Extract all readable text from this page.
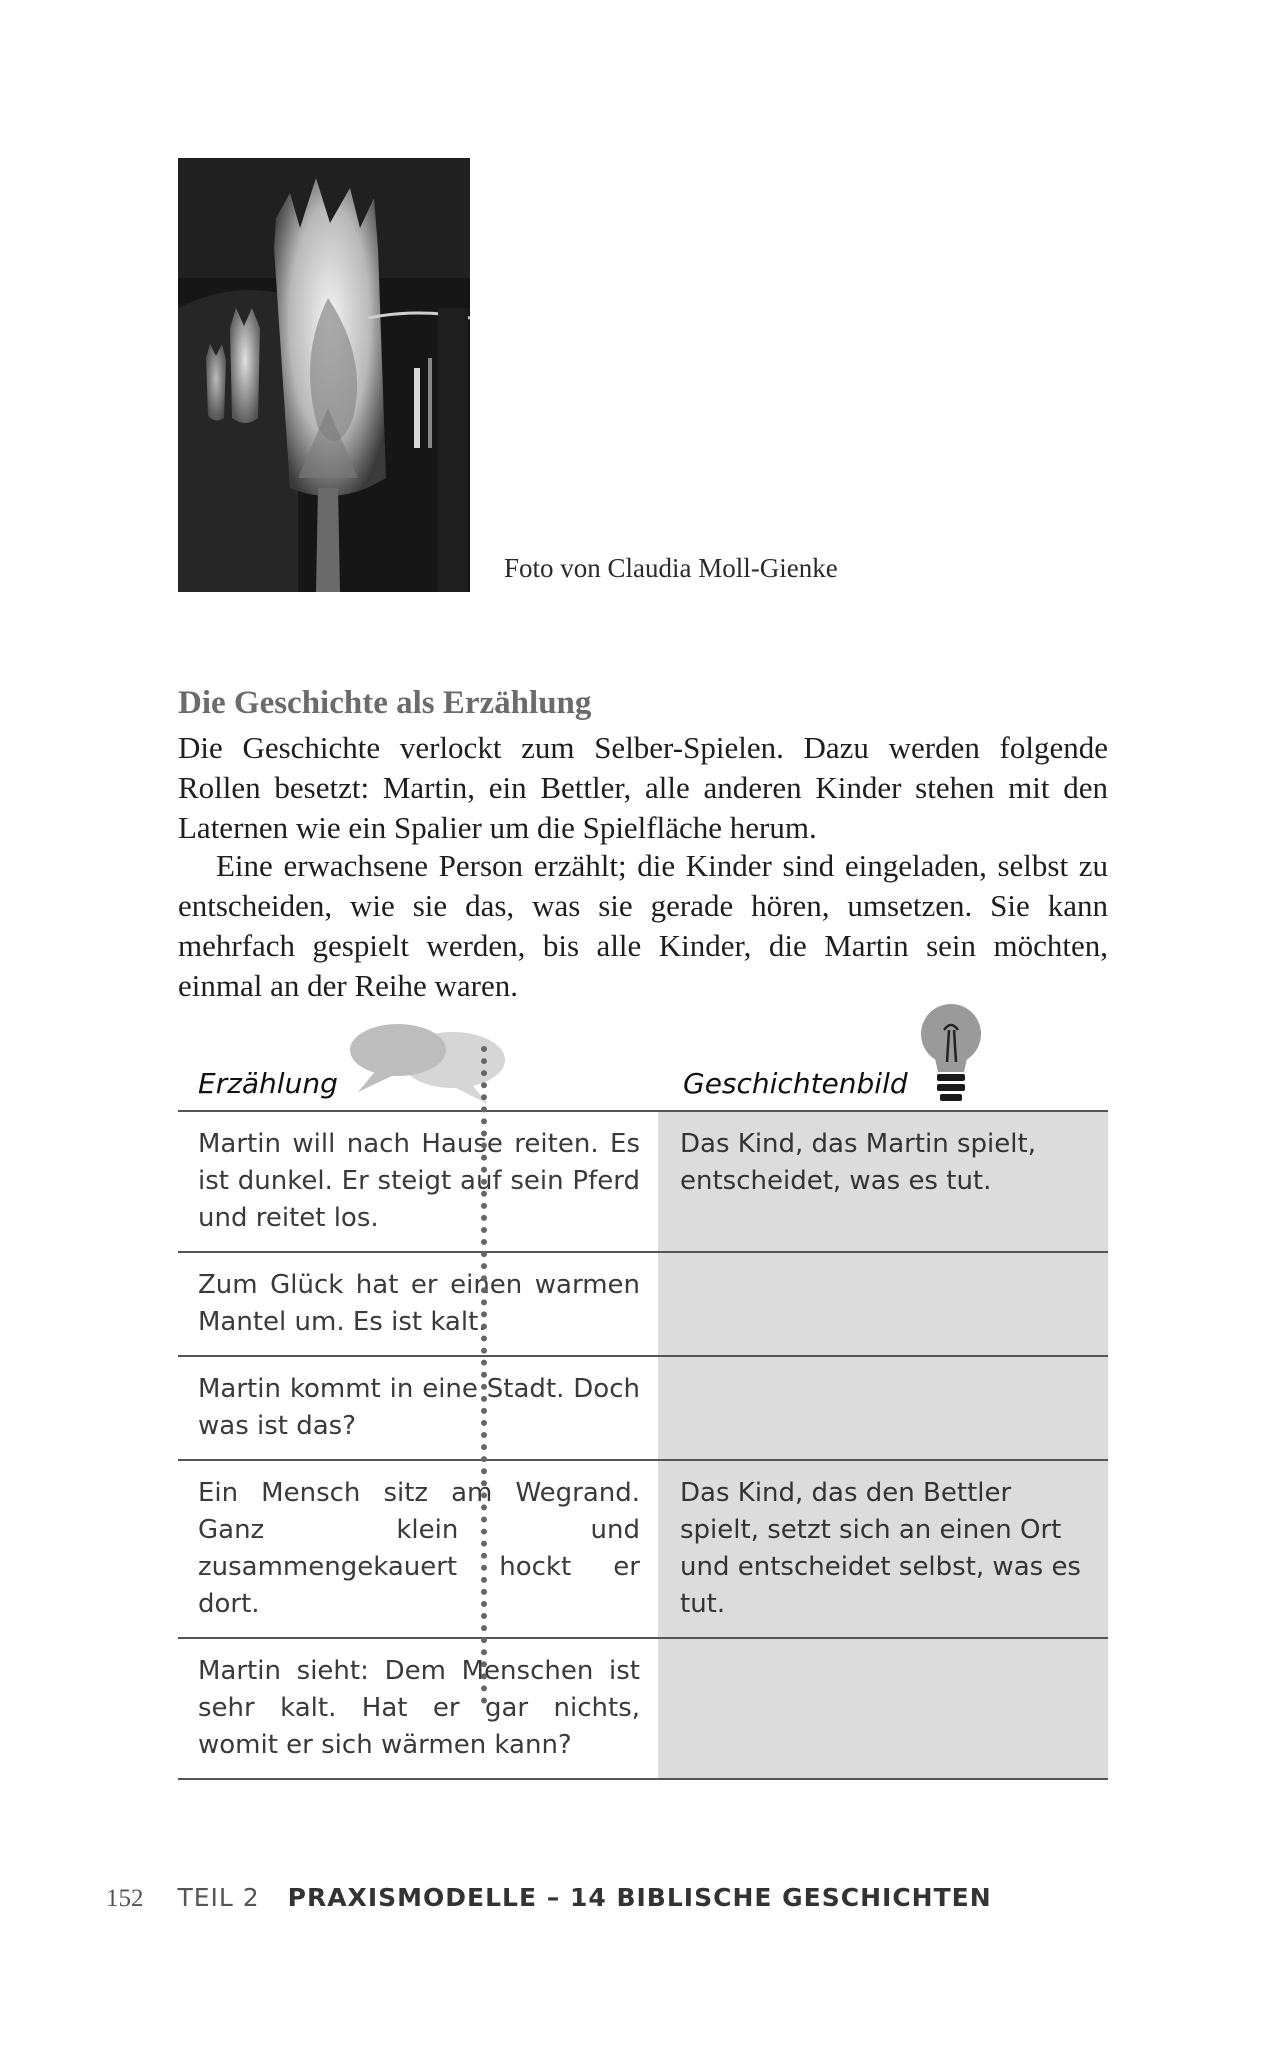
Foto von Claudia Moll-Gienke
Die Geschichte als Erzählung

Die Geschichte verlockt zum Selber-Spielen. Dazu werden folgende Rollen besetzt: Martin, ein Bettler, alle anderen Kinder stehen mit den Laternen wie ein Spalier um die Spielfläche herum.

Eine erwachsene Person erzählt; die Kinder sind eingeladen, selbst zu entscheiden, wie sie das, was sie gerade hören, umsetzen. Sie kann mehrfach gespielt werden, bis alle Kinder, die Martin sein möchten, einmal an der Reihe waren.

Erzählung	Geschichtenbild
Martin will nach Hause reiten. Es ist dunkel. Er steigt auf sein Pferd und reitet los.
Das Kind, das Martin spielt, entscheidet, was es tut.
Zum Glück hat er einen warmen Mantel um. Es ist kalt.
Martin kommt in eine Stadt. Doch was ist das?
Ein Mensch sitz am Wegrand. Ganz klein und zusammengekauert hockt er dort.
Das Kind, das den Bettler spielt, setzt sich an einen Ort und entscheidet selbst, was es tut.
Martin sieht: Dem Menschen ist sehr kalt. Hat er gar nichts, womit er sich wärmen kann?
152 TEIL 2 PRAXISMODELLE – 14 BIBLISCHE GESCHICHTEN
